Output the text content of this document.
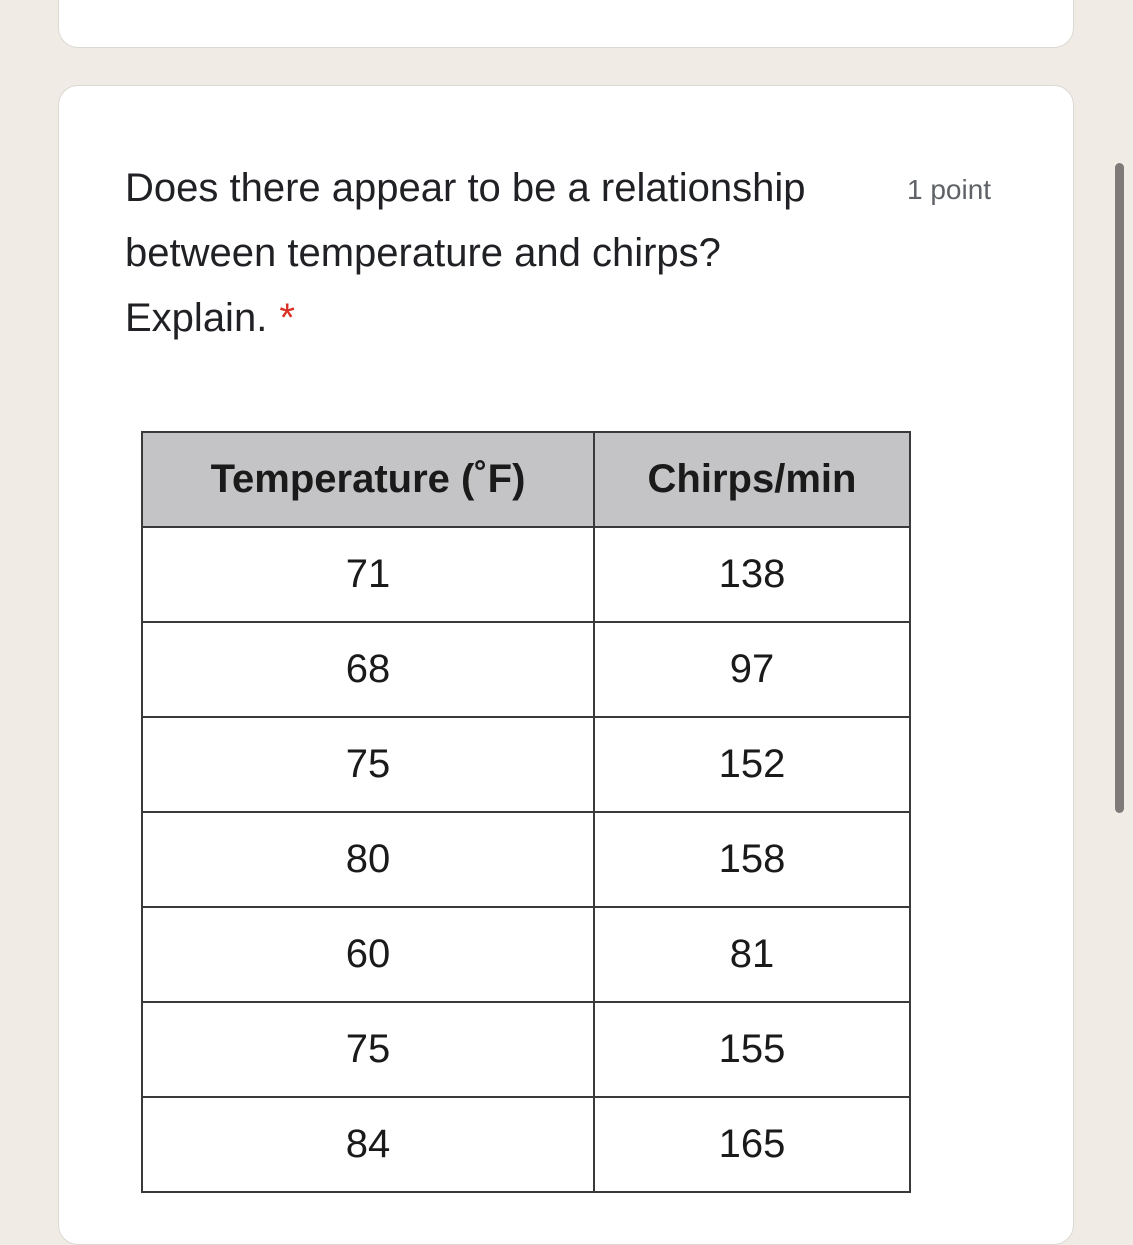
Does there appear to be a relationship between temperature and chirps? Explain. *
1 point
Temperature (˚F)	Chirps/min
71	138
68	97
75	152
80	158
60	81
75	155
84	165
